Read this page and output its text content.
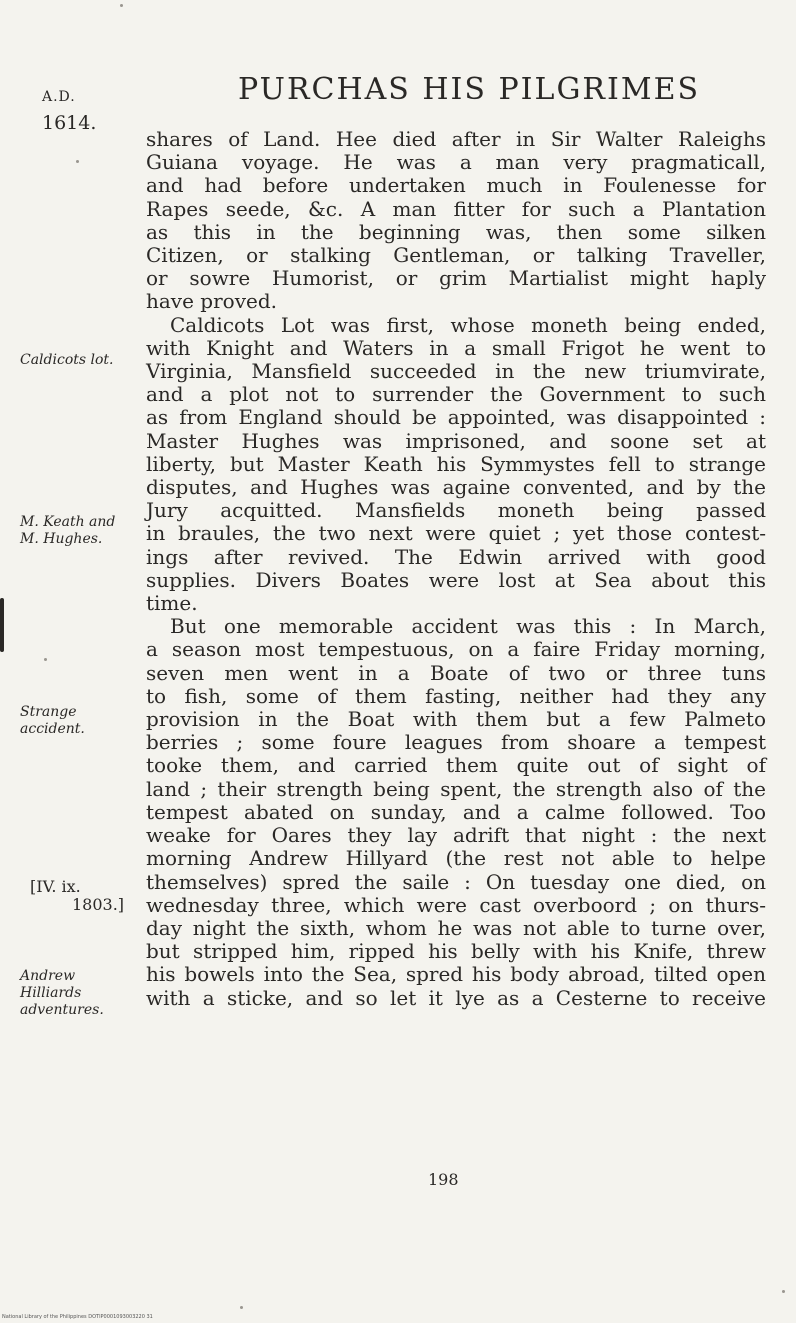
A.D.
1614.
PURCHAS HIS PILGRIMES

shares of Land. Hee died after in Sir Walter Raleighs
Guiana voyage. He was a man very pragmaticall,
and had before undertaken much in Foulenesse for
Rapes seede, &c. A man fitter for such a Plantation
as this in the beginning was, then some silken
Citizen, or stalking Gentleman, or talking Traveller,
or sowre Humorist, or grim Martialist might haply
have proved.

Caldicots Lot was first, whose moneth being ended,
with Knight and Waters in a small Frigot he went to
Virginia, Mansfield succeeded in the new triumvirate,
and a plot not to surrender the Government to such
as from England should be appointed, was disappointed :
Master Hughes was imprisoned, and soone set at
liberty, but Master Keath his Symmystes fell to strange
disputes, and Hughes was againe convented, and by the
Jury acquitted. Mansfields moneth being passed
in braules, the two next were quiet ; yet those contest-
ings after revived. The Edwin arrived with good
supplies. Divers Boates were lost at Sea about this
time.

But one memorable accident was this : In March,
a season most tempestuous, on a faire Friday morning,
seven men went in a Boate of two or three tuns
to fish, some of them fasting, neither had they any
provision in the Boat with them but a few Palmeto
berries ; some foure leagues from shoare a tempest
tooke them, and carried them quite out of sight of
land ; their strength being spent, the strength also of the
tempest abated on sunday, and a calme followed. Too
weake for Oares they lay adrift that night : the next
morning Andrew Hillyard (the rest not able to helpe
themselves) spred the saile : On tuesday one died, on
wednesday three, which were cast overboord ; on thurs-
day night the sixth, whom he was not able to turne over,
but stripped him, ripped his belly with his Knife, threw
his bowels into the Sea, spred his body abroad, tilted open
with a sticke, and so let it lye as a Cesterne to receive

Caldicots lot.
M. Keath and
M. Hughes.
Strange
accident.
Andrew
Hilliards
adventures.
[IV. ix.
1803.]
198
National Library of the Philippines DOTIP0001093003220 31
